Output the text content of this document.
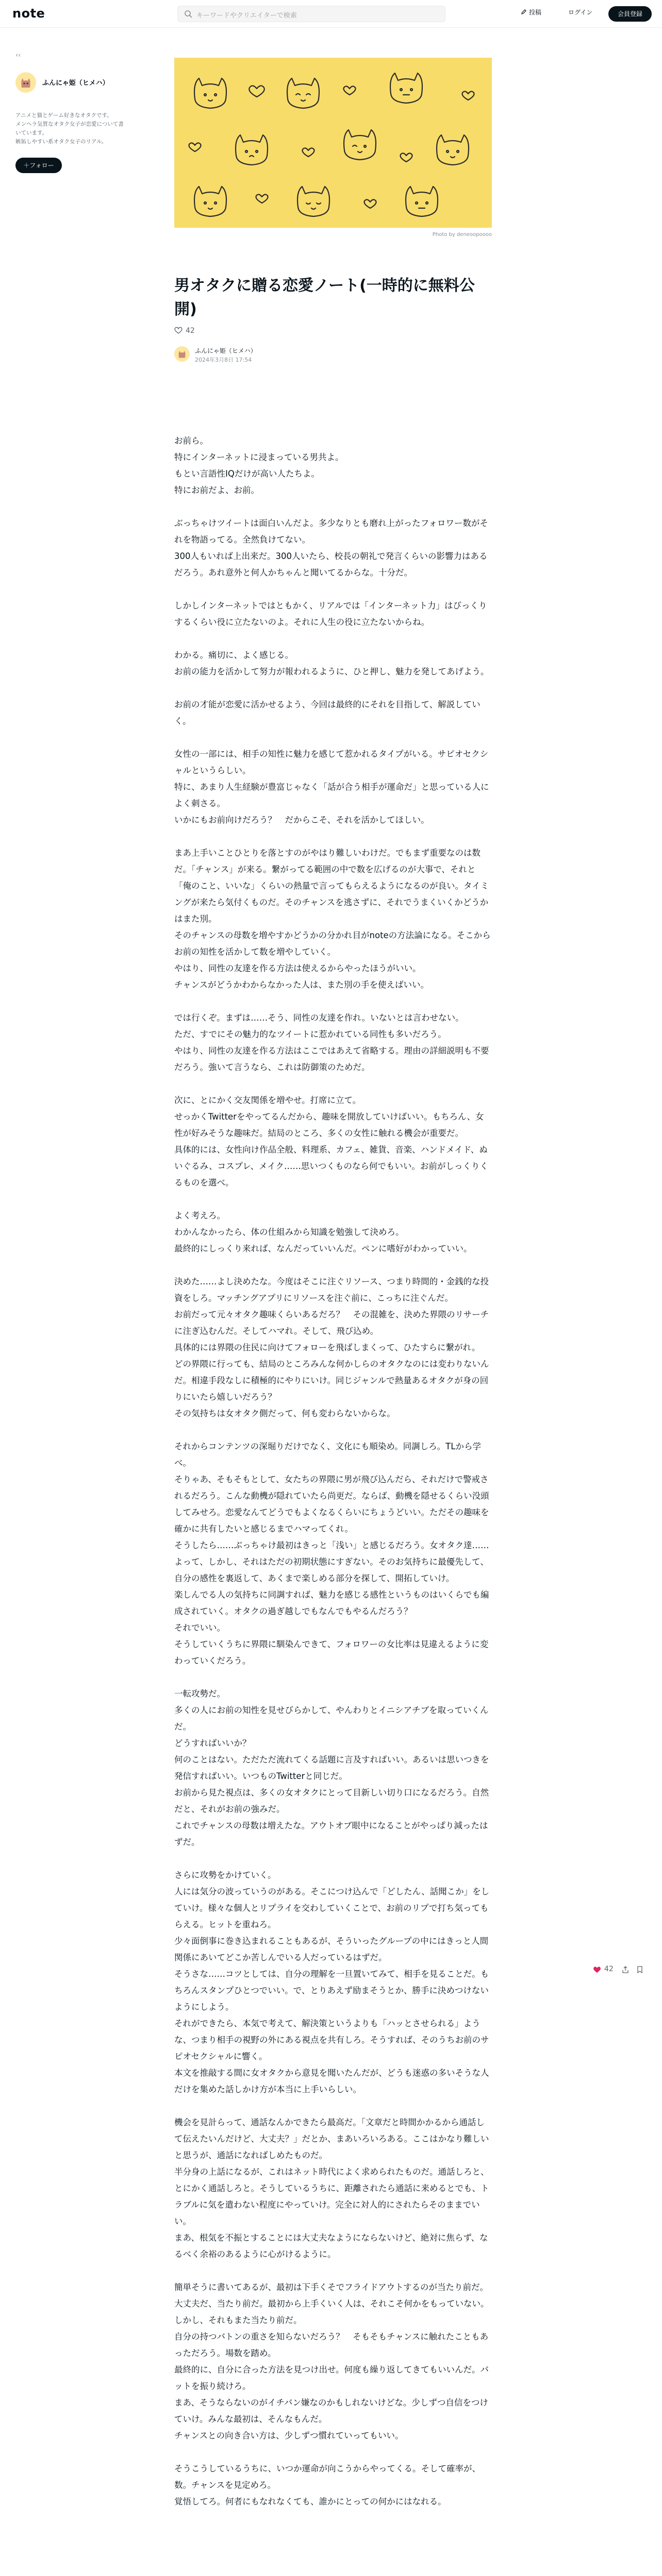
note	キーワードやクリエイターで検索	投稿	ログイン	会員登録
‹‹
ふんにゃ姫（ヒメハ）
アニメと猫とゲーム好きなオタクです。
メンヘラ気質なオタク女子が恋愛について書いています。
嫉妬しやすい系オタク女子のリアル。
＋フォロー
Photo by deneoopoooo
男オタクに贈る恋愛ノート(一時的に無料公開)
42
ふんにゃ姫（ヒメハ）
2024年3月8日 17:54

お前ら。
特にインターネットに浸まっている男共よ。
もとい言語性IQだけが高い人たちよ。
特にお前だよ、お前。

ぶっちゃけツイートは面白いんだよ。多少なりとも磨れ上がったフォロワー数がそれを物語ってる。全然負けてない。
300人もいれば上出来だ。300人いたら、校長の朝礼で発言くらいの影響力はあるだろう。あれ意外と何人かちゃんと聞いてるからな。十分だ。

しかしインターネットではともかく、リアルでは「インターネット力」はびっくりするくらい役に立たないのよ。それに人生の役に立たないからね。

わかる。痛切に、よく感じる。
お前の能力を活かして努力が報われるように、ひと押し、魅力を発してあげよう。

お前の才能が恋愛に活かせるよう、今回は最終的にそれを目指して、解説していく。

女性の一部には、相手の知性に魅力を感じて惹かれるタイプがいる。サピオセクシャルというらしい。
特に、あまり人生経験が豊富じゃなく「話が合う相手が運命だ」と思っている人によく刺さる。
いかにもお前向けだろう？　だからこそ、それを活かしてほしい。

まあ上手いことひとりを落とすのがやはり難しいわけだ。でもまず重要なのは数だ。「チャンス」が来る。繋がってる範囲の中で数を広げるのが大事で、それと「俺のこと、いいな」くらいの熱量で言ってもらえるようになるのが良い。タイミングが来たら気付くものだ。そのチャンスを逃さずに、それでうまくいくかどうかはまた別。
そのチャンスの母数を増やすかどうかの分かれ目がnoteの方法論になる。そこからお前の知性を活かして数を増やしていく。
やはり、同性の友達を作る方法は使えるからやったほうがいい。
チャンスがどうかわからなかった人は、また別の手を使えばいい。

では行くぞ。まずは……そう、同性の友達を作れ。いないとは言わせない。
ただ、すでにその魅力的なツイートに惹かれている同性も多いだろう。
やはり、同性の友達を作る方法はここではあえて省略する。理由の詳細説明も不要だろう。強いて言うなら、これは防御策のためだ。

次に、とにかく交友関係を増やせ。打席に立て。
せっかくTwitterをやってるんだから、趣味を開放していけばいい。もちろん、女性が好みそうな趣味だ。結局のところ、多くの女性に触れる機会が重要だ。
具体的には、女性向け作品全般、料理系、カフェ、雑貨、音楽、ハンドメイド、ぬいぐるみ、コスプレ、メイク……思いつくものなら何でもいい。お前がしっくりくるものを選べ。

よく考えろ。
わかんなかったら、体の仕組みから知識を勉強して決めろ。
最終的にしっくり来れば、なんだっていいんだ。ペンに嗜好がわかっていい。

決めた……よし決めたな。今度はそこに注ぐリソース、つまり時間的・金銭的な投資をしろ。マッチングアプリにリソースを注ぐ前に、こっちに注ぐんだ。
お前だって元々オタク趣味くらいあるだろ？　その混雑を、決めた界隈のリサーチに注ぎ込むんだ。そしてハマれ。そして、飛び込め。
具体的には界隈の住民に向けてフォローを飛ばしまくって、ひたすらに繋がれ。
どの界隈に行っても、結局のところみんな何かしらのオタクなのには変わりないんだ。相違手段なしに積極的にやりにいけ。同じジャンルで熱量あるオタクが身の回りにいたら嬉しいだろう？
その気持ちは女オタク側だって、何も変わらないからな。

それからコンテンツの深堀りだけでなく、文化にも順染め。同調しろ。TLから学べ。
そりゃあ、そもそもとして、女たちの界隈に男が飛び込んだら、それだけで警戒されるだろう。こんな動機が隠れていたら尚更だ。ならば、動機を隠せるくらい没頭してみせろ。恋愛なんてどうでもよくなるくらいにちょうどいい。ただその趣味を確かに共有したいと感じるまでハマってくれ。
そうしたら……ぶっちゃけ最初はきっと「浅い」と感じるだろう。女オタク達……よって、しかし、それはただの初期状態にすぎない。そのお気持ちに最優先して、自分の感性を裏返して、あくまで楽しめる部分を探して、開拓していけ。
楽しんでる人の気持ちに同調すれば、魅力を感じる感性というものはいくらでも編成されていく。オタクの過ぎ越しでもなんでもやるんだろう？
それでいい。
そうしていくうちに界隈に馴染んできて、フォロワーの女比率は見違えるように変わっていくだろう。

一転攻勢だ。
多くの人にお前の知性を見せびらかして、やんわりとイニシアチブを取っていくんだ。
どうすればいいか？
何のことはない。ただただ流れてくる話題に言及すればいい。あるいは思いつきを発信すればいい。いつものTwitterと同じだ。
お前から見た視点は、多くの女オタクにとって目新しい切り口になるだろう。自然だと、それがお前の強みだ。
これでチャンスの母数は増えたな。アウトオブ眼中になることがやっぱり減ったはずだ。

さらに攻勢をかけていく。
人には気分の波っていうのがある。そこにつけ込んで「どしたん、話聞こか」をしていけ。様々な個人とリプライを交わしていくことで、お前のリプで打ち気ってもらえる。ヒットを重ねろ。
少々面倒事に巻き込まれることもあるが、そういったグループの中にはきっと人間関係にあいてどこか苦しんでいる人だっているはずだ。
そうさな……コツとしては、自分の理解を一旦置いてみて、相手を見ることだ。もちろんスタンプひとつでいい。で、とりあえず励まそうとか、勝手に決めつけないようにしよう。
それができたら、本気で考えて、解決策というよりも「ハッとさせられる」ような、つまり相手の視野の外にある視点を共有しろ。そうすれば、そのうちお前のサピオセクシャルに響く。
本文を推敲する間に女オタクから意見を聞いたんだが、どうも迷惑の多いそうな人だけを集めた話しかけ方が本当に上手いらしい。

機会を見計らって、通話なんかできたら最高だ。「文章だと時間かかるから通話して伝えたいんだけど、大丈夫？」だとか、まあいろいろある。ここはかなり難しいと思うが、通話になればしめたものだ。
半分身の上話になるが、これはネット時代によく求められたものだ。通話しろと、とにかく通話しろと。そうしているうちに、距離されたら通話に来めるとでも、トラブルに気を遣わない程度にやっていけ。完全に対人的にされたらそのままでいい。
まあ、根気を不振とすることには大丈夫なようにならないけど、絶対に焦らず、なるべく余裕のあるように心がけるように。

簡単そうに書いてあるが、最初は下手くそでフライドアウトするのが当たり前だ。大丈夫だ、当たり前だ。最初から上手くいく人は、それこそ何かをもっていない。しかし、それもまた当たり前だ。
自分の持つバトンの重さを知らないだろう？　そもそもチャンスに触れたこともあっただろう。場数を踏め。
最終的に、自分に合った方法を見つけ出せ。何度も繰り返してきてもいいんだ。バットを振り続けろ。
まあ、そうならないのがイチバン嫌なのかもしれないけどな。少しずつ自信をつけていけ。みんな最初は、そんなもんだ。
チャンスとの向き合い方は、少しずつ慣れていってもいい。

そうこうしているうちに、いつか運命が向こうからやってくる。そして確率が、数。チャンスを見定めろ。
覚悟してろ。何者にもなれなくても、誰かにとっての何かにはなれる。

42
